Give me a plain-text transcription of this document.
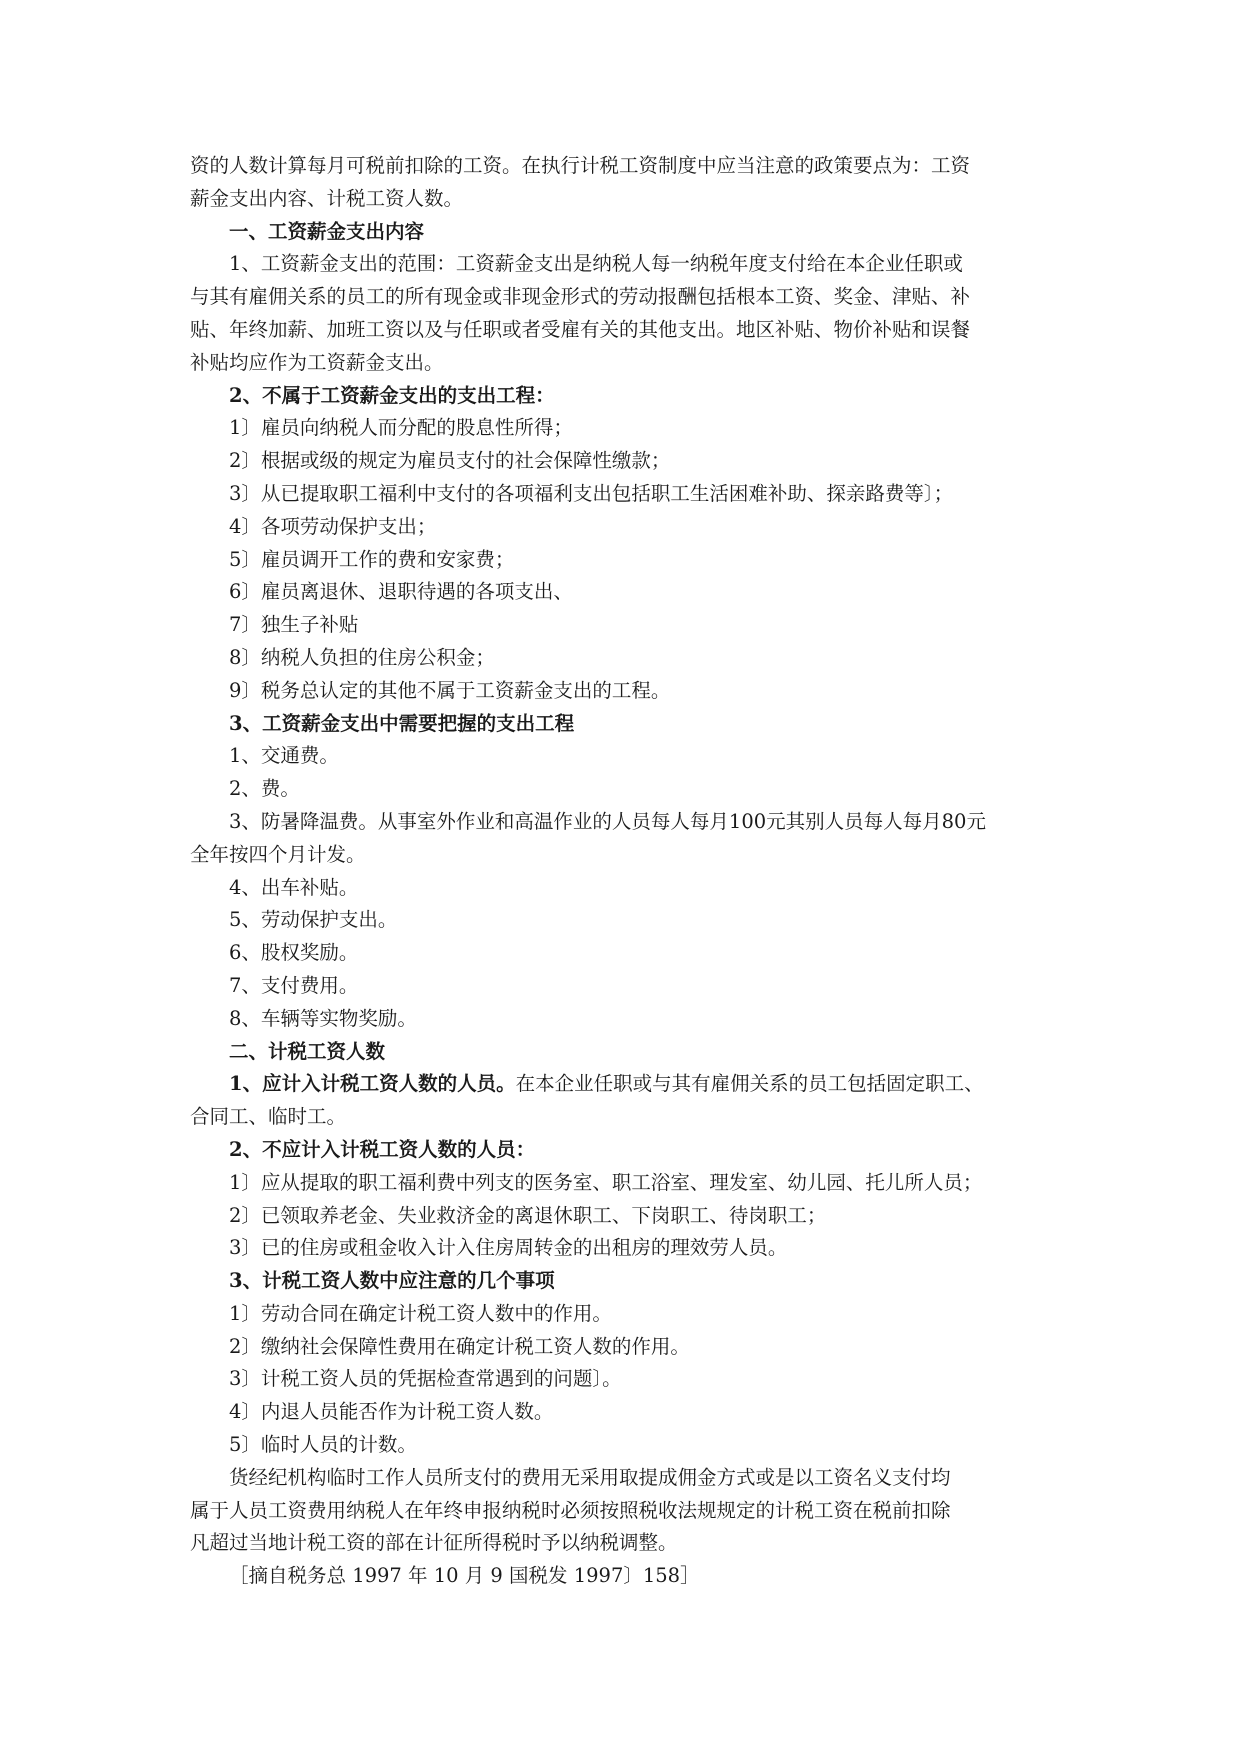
资的人数计算每月可税前扣除的工资。在执行计税工资制度中应当注意的政策要点为：工资
薪金支出内容、计税工资人数。
一、工资薪金支出内容
1、工资薪金支出的范围：工资薪金支出是纳税人每一纳税年度支付给在本企业任职或
与其有雇佣关系的员工的所有现金或非现金形式的劳动报酬包括根本工资、奖金、津贴、补
贴、年终加薪、加班工资以及与任职或者受雇有关的其他支出。地区补贴、物价补贴和误餐
补贴均应作为工资薪金支出。
2、不属于工资薪金支出的支出工程：
1〕雇员向纳税人而分配的股息性所得；
2〕根据或级的规定为雇员支付的社会保障性缴款；
3〕从已提取职工福利中支付的各项福利支出包括职工生活困难补助、探亲路费等〕；
4〕各项劳动保护支出；
5〕雇员调开工作的费和安家费；
6〕雇员离退休、退职待遇的各项支出、
7〕独生子补贴
8〕纳税人负担的住房公积金；
9〕税务总认定的其他不属于工资薪金支出的工程。
3、工资薪金支出中需要把握的支出工程
1、交通费。
2、费。
3、防暑降温费。从事室外作业和高温作业的人员每人每月100元其别人员每人每月80元
全年按四个月计发。
4、出车补贴。
5、劳动保护支出。
6、股权奖励。
7、支付费用。
8、车辆等实物奖励。
二、计税工资人数
1、应计入计税工资人数的人员。在本企业任职或与其有雇佣关系的员工包括固定职工、
合同工、临时工。
2、不应计入计税工资人数的人员：
1〕应从提取的职工福利费中列支的医务室、职工浴室、理发室、幼儿园、托儿所人员；
2〕已领取养老金、失业救济金的离退休职工、下岗职工、待岗职工；
3〕已的住房或租金收入计入住房周转金的出租房的理效劳人员。
3、计税工资人数中应注意的几个事项
1〕劳动合同在确定计税工资人数中的作用。
2〕缴纳社会保障性费用在确定计税工资人数的作用。
3〕计税工资人员的凭据检查常遇到的问题〕。
4〕内退人员能否作为计税工资人数。
5〕临时人员的计数。
货经纪机构临时工作人员所支付的费用无采用取提成佣金方式或是以工资名义支付均
属于人员工资费用纳税人在年终申报纳税时必须按照税收法规规定的计税工资在税前扣除
凡超过当地计税工资的部在计征所得税时予以纳税调整。
［摘自税务总 1997 年 10 月 9 国税发 1997〕158］
